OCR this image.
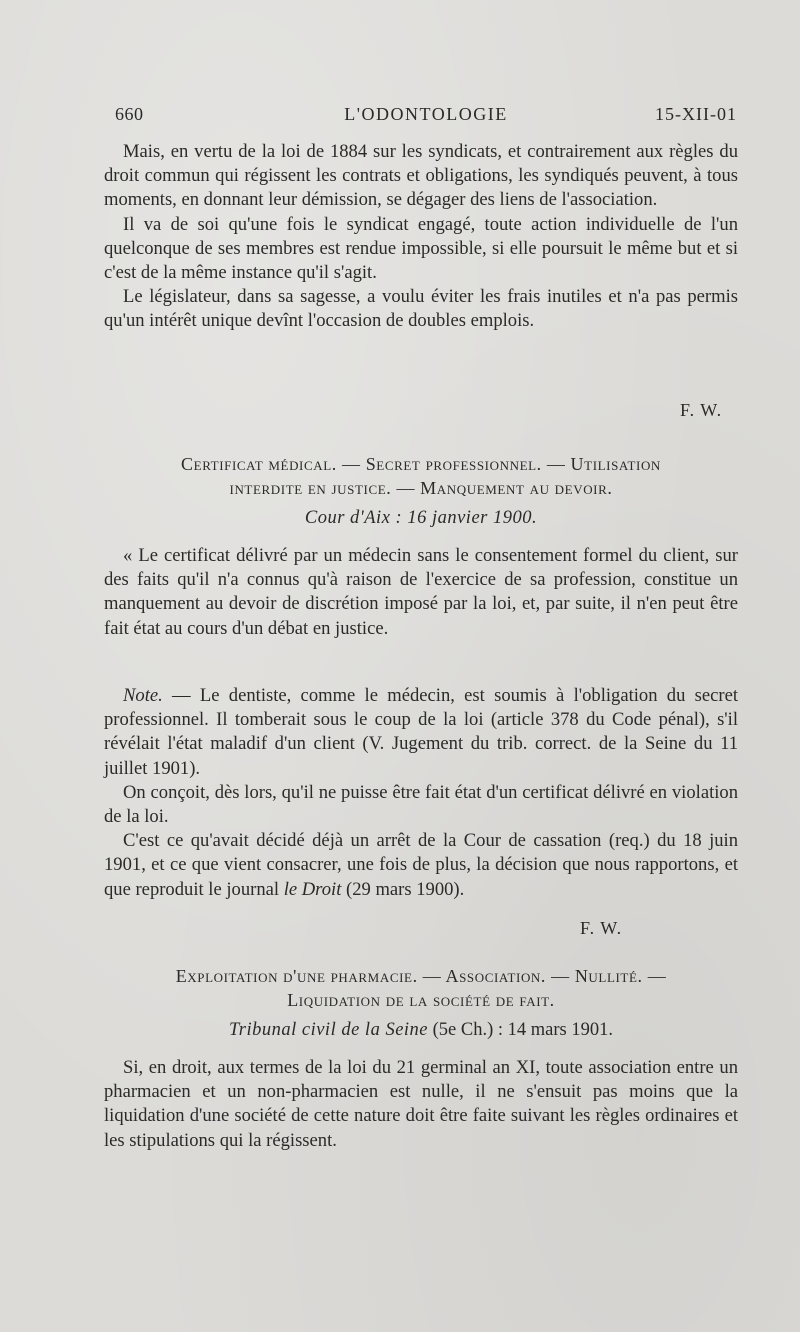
660	L'ODONTOLOGIE	15-XII-01

Mais, en vertu de la loi de 1884 sur les syndicats, et contrairement aux règles du droit commun qui régissent les contrats et obligations, les syndiqués peuvent, à tous moments, en donnant leur démission, se dégager des liens de l'association.

Il va de soi qu'une fois le syndicat engagé, toute action individuelle de l'un quelconque de ses membres est rendue impossible, si elle poursuit le même but et si c'est de la même instance qu'il s'agit.

Le législateur, dans sa sagesse, a voulu éviter les frais inutiles et n'a pas permis qu'un intérêt unique devînt l'occasion de doubles emplois.

F. W.
Certificat médical. — Secret professionnel. — Utilisation
interdite en justice. — Manquement au devoir.
Cour d'Aix : 16 janvier 1900.

« Le certificat délivré par un médecin sans le consentement formel du client, sur des faits qu'il n'a connus qu'à raison de l'exercice de sa profession, constitue un manquement au devoir de discrétion imposé par la loi, et, par suite, il n'en peut être fait état au cours d'un débat en justice.

Note. — Le dentiste, comme le médecin, est soumis à l'obligation du secret professionnel. Il tomberait sous le coup de la loi (article 378 du Code pénal), s'il révélait l'état maladif d'un client (V. Jugement du trib. correct. de la Seine du 11 juillet 1901).

On conçoit, dès lors, qu'il ne puisse être fait état d'un certificat délivré en violation de la loi.

C'est ce qu'avait décidé déjà un arrêt de la Cour de cassation (req.) du 18 juin 1901, et ce que vient consacrer, une fois de plus, la décision que nous rapportons, et que reproduit le journal le Droit (29 mars 1900).

F. W.
Exploitation d'une pharmacie. — Association. — Nullité. —
Liquidation de la société de fait.
Tribunal civil de la Seine (5e Ch.) : 14 mars 1901.

Si, en droit, aux termes de la loi du 21 germinal an XI, toute association entre un pharmacien et un non-pharmacien est nulle, il ne s'ensuit pas moins que la liquidation d'une société de cette nature doit être faite suivant les règles ordinaires et les stipulations qui la régissent.
